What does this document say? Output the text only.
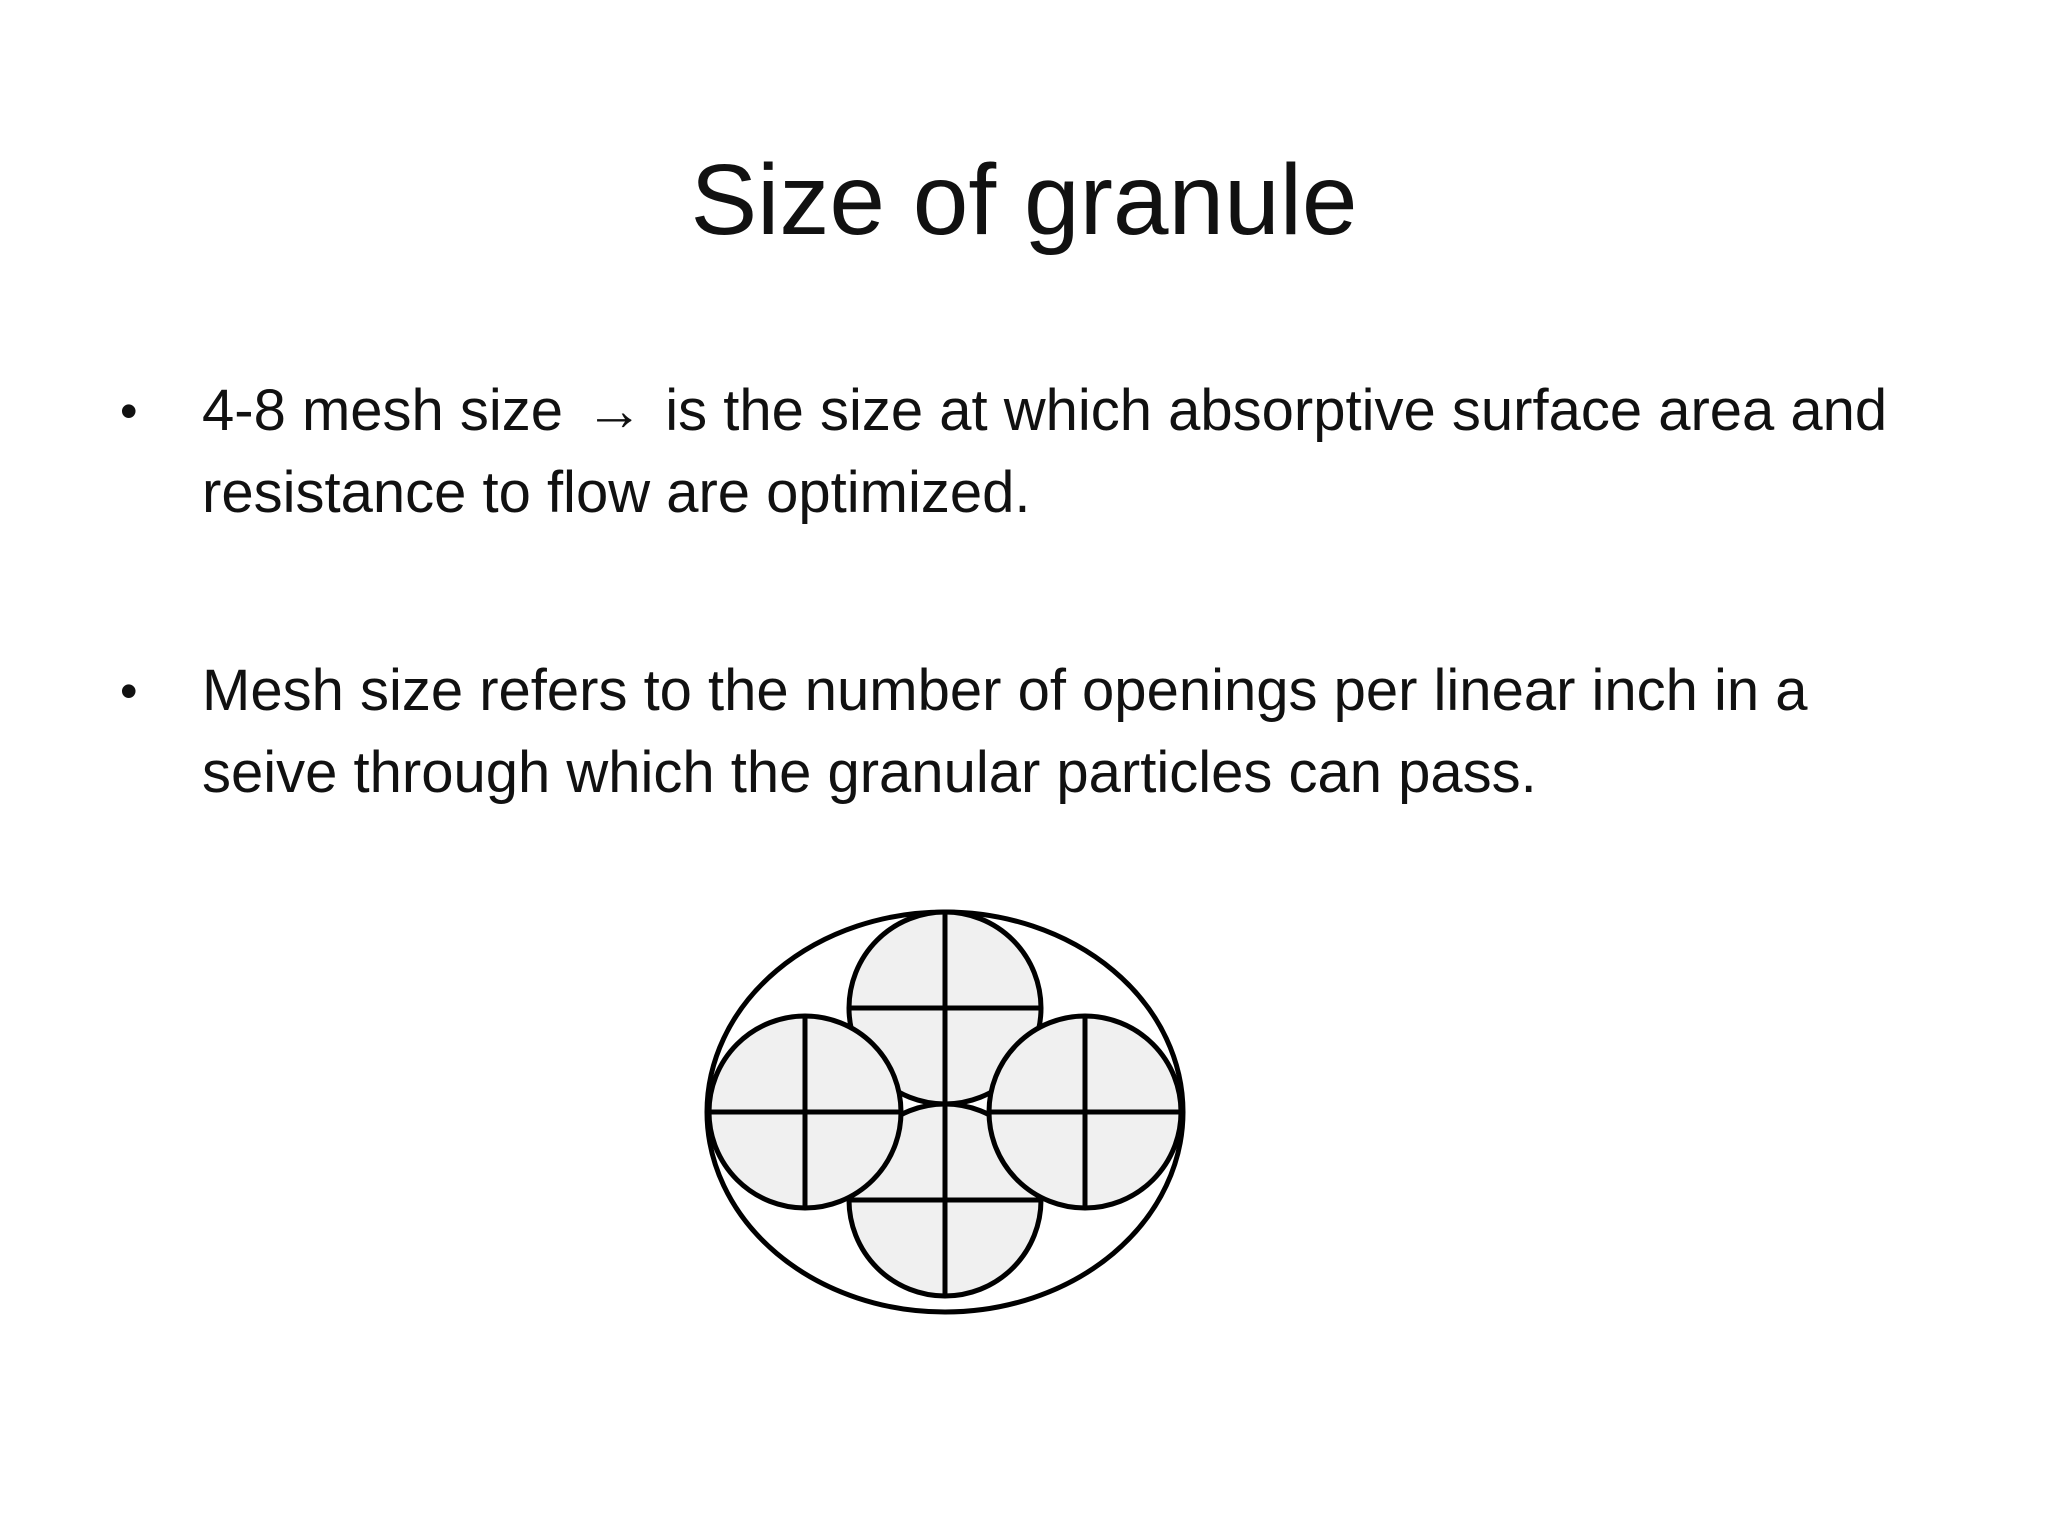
Size of granule
•	4-8 mesh size → is the size at which absorptive surface area and resistance to flow are optimized.
•	Mesh size refers to the number of openings per linear inch in a seive through which the granular particles can pass.
